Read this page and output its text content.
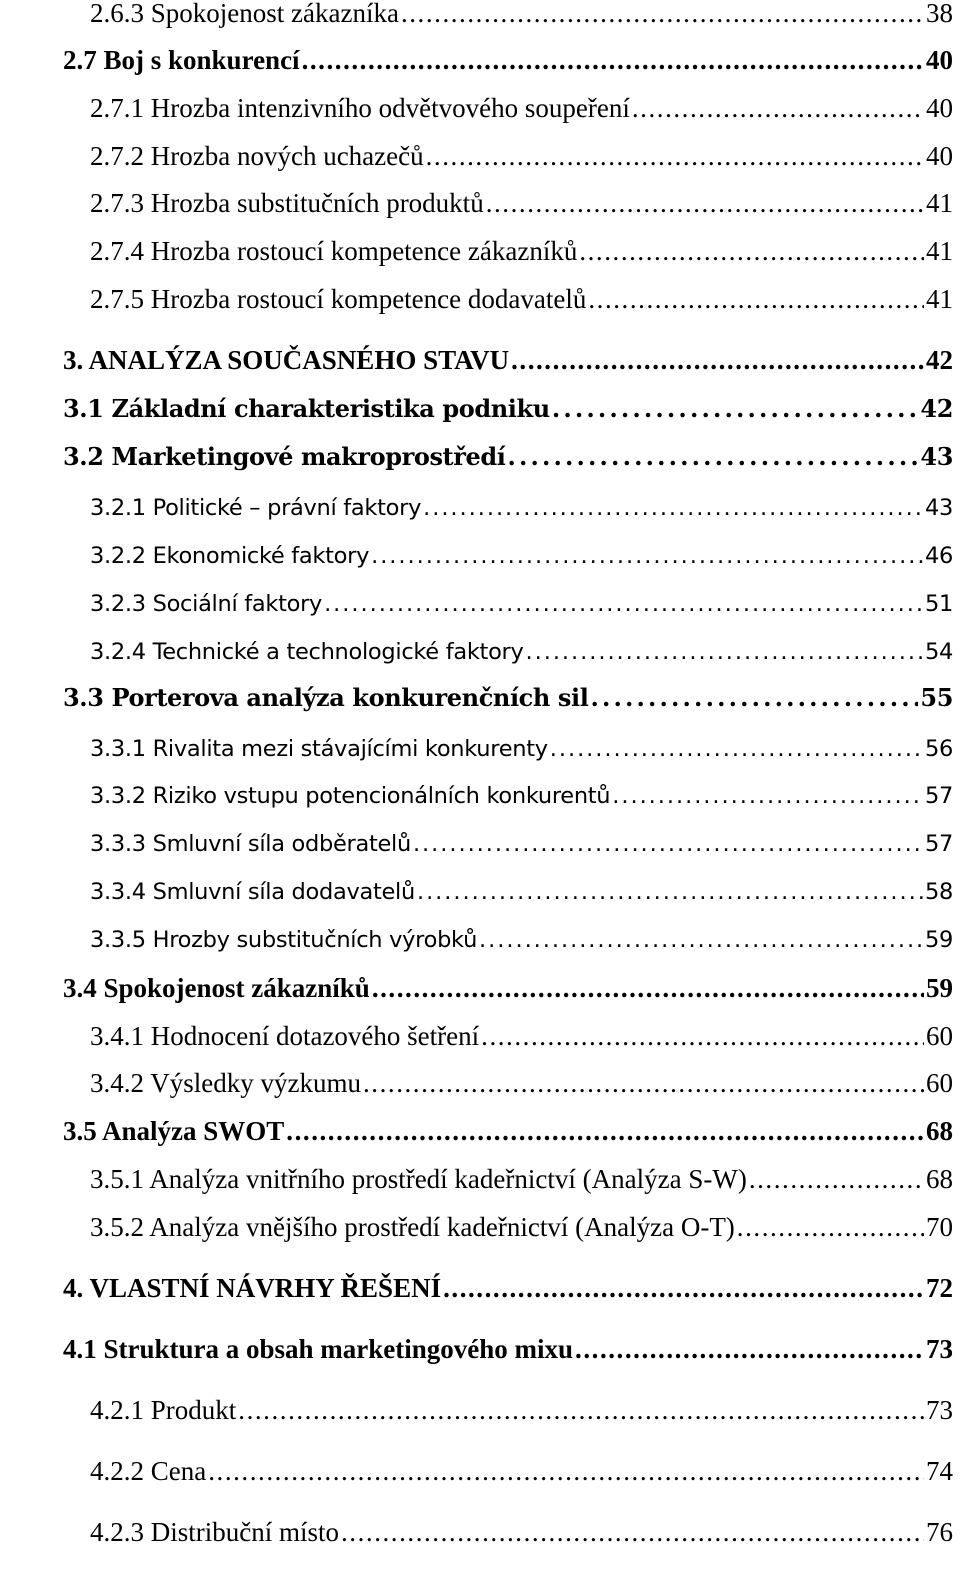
2.6.3 Spokojenost zákazníka . . .	38
2.7 Boj s konkurencí . . .	40
2.7.1 Hrozba intenzivního odvětvového soupeření . . .	40
2.7.2 Hrozba nových uchazečů . . .	40
2.7.3 Hrozba substitučních produktů . . .	41
2.7.4 Hrozba rostoucí kompetence zákazníků . . .	41
2.7.5 Hrozba rostoucí kompetence dodavatelů . . .	41
3. ANALÝZA SOUČASNÉHO STAVU . . .	42
3.1 Základní charakteristika podniku . . .	42
3.2 Marketingové makroprostředí . . .	43
3.2.1 Politické – právní faktory . . .	43
3.2.2 Ekonomické faktory . . .	46
3.2.3 Sociální faktory . . .	51
3.2.4 Technické a technologické faktory . . .	54
3.3 Porterova analýza konkurenčních sil . . .	55
3.3.1 Rivalita mezi stávajícími konkurenty . . .	56
3.3.2 Riziko vstupu potencionálních konkurentů . . .	57
3.3.3 Smluvní síla odběratelů . . .	57
3.3.4 Smluvní síla dodavatelů . . .	58
3.3.5 Hrozby substitučních výrobků . . .	59
3.4 Spokojenost zákazníků . . .	59
3.4.1 Hodnocení dotazového šetření . . .	60
3.4.2 Výsledky výzkumu . . .	60
3.5 Analýza SWOT . . .	68
3.5.1 Analýza vnitřního prostředí kadeřnictví (Analýza S-W) . . .	68
3.5.2 Analýza vnějšího prostředí kadeřnictví (Analýza O-T) . . .	70
4. VLASTNÍ NÁVRHY ŘEŠENÍ . . .	72
4.1 Struktura a obsah marketingového mixu . . .	73
4.2.1 Produkt . . .	73
4.2.2 Cena . . .	74
4.2.3 Distribuční místo . . .	76
